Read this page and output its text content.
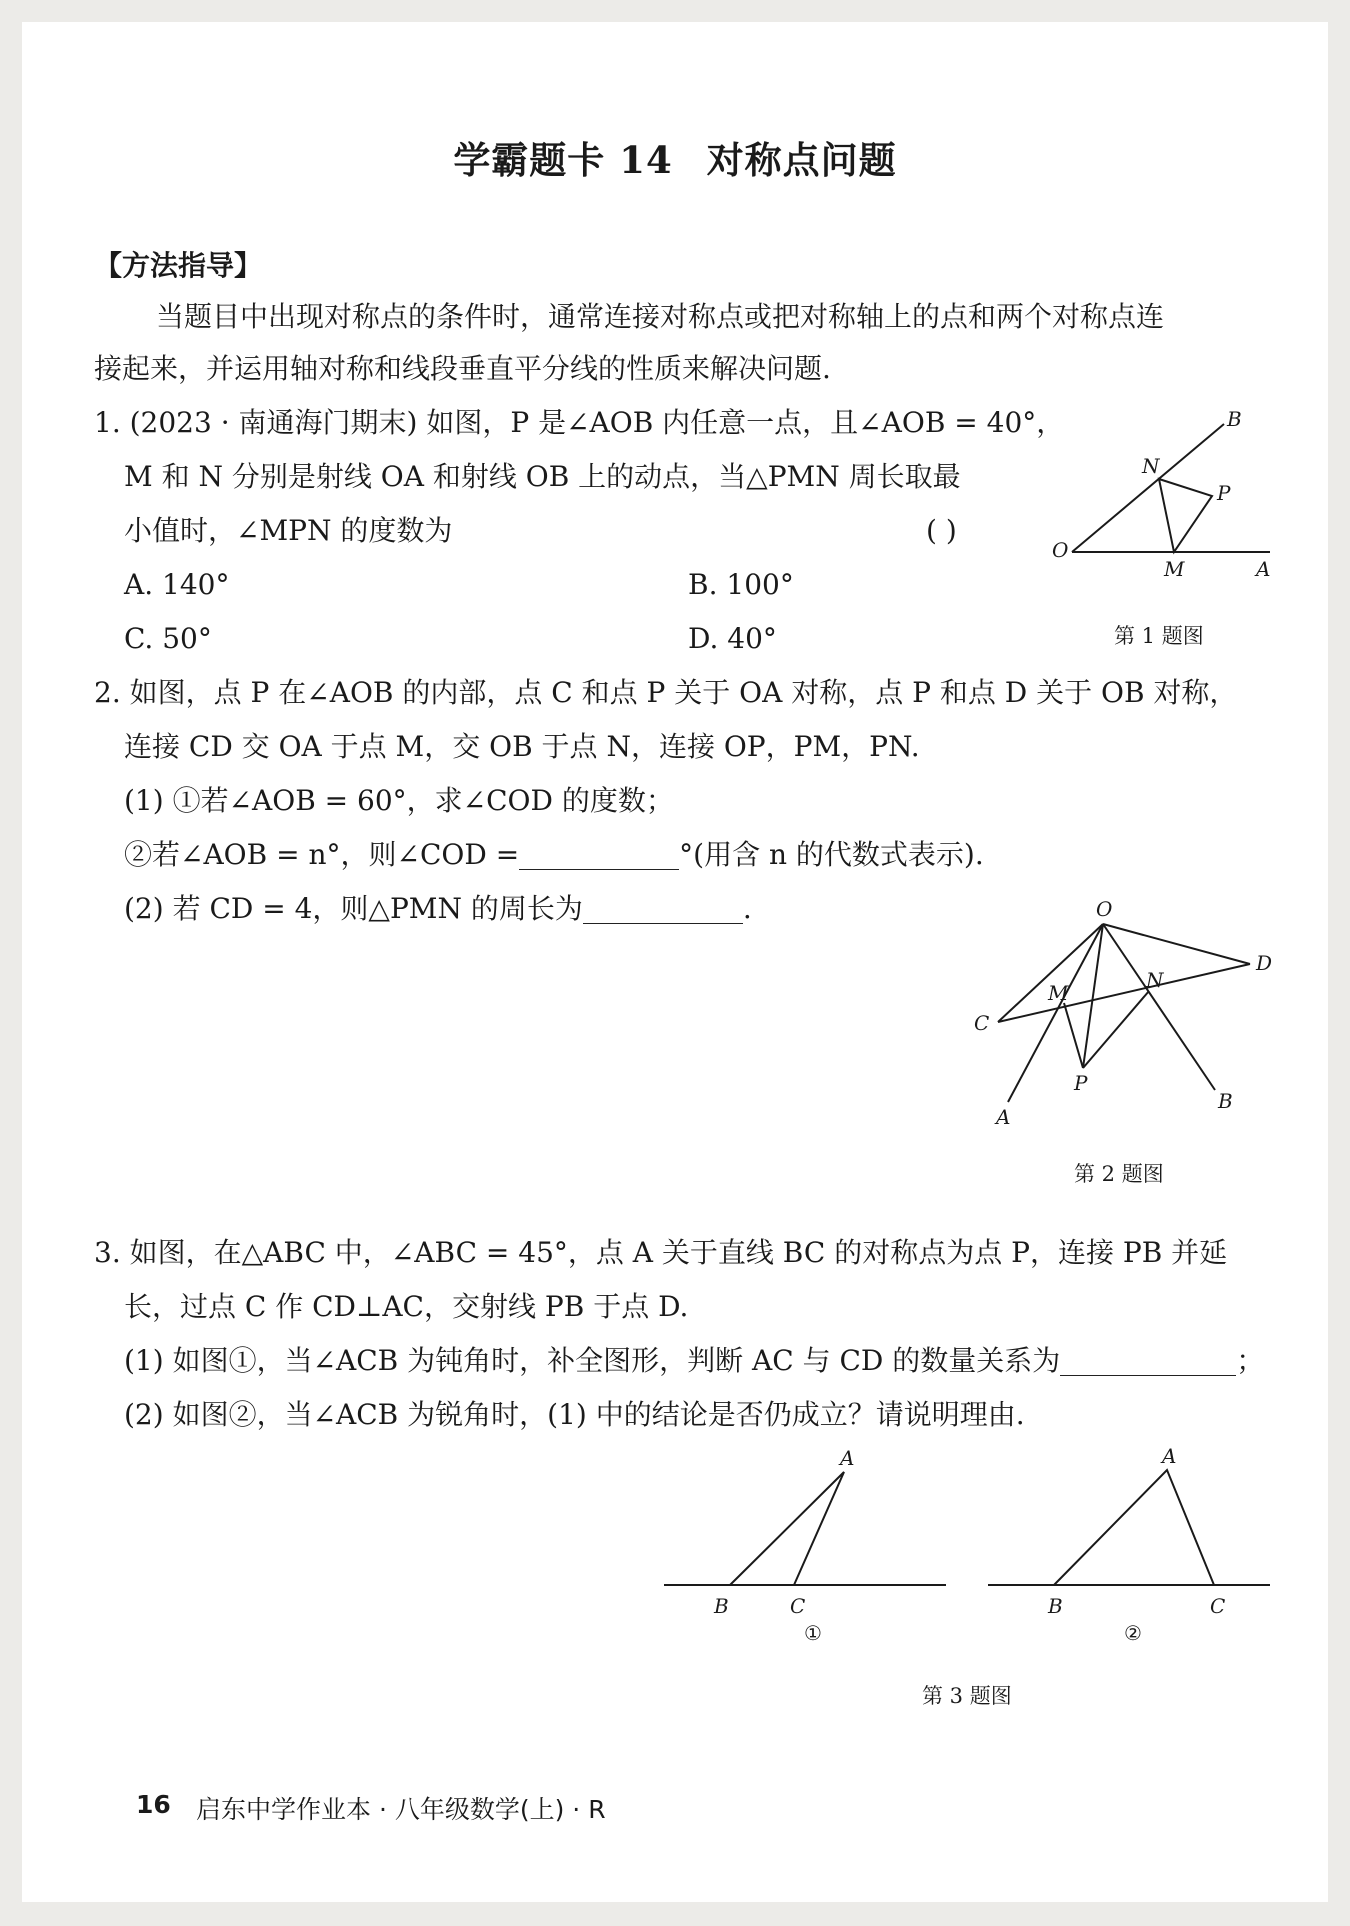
学霸题卡 14 对称点问题
【方法指导】
当题目中出现对称点的条件时，通常连接对称点或把对称轴上的点和两个对称点连
接起来，并运用轴对称和线段垂直平分线的性质来解决问题.
1. (2023 · 南通海门期末) 如图，P 是∠AOB 内任意一点，且∠AOB = 40°，
M 和 N 分别是射线 OA 和射线 OB 上的动点，当△PMN 周长取最
小值时，∠MPN 的度数为	( )
A. 140°	B. 100°
C. 50°	D. 40°
B
N
P
O
M	A
第 1 题图
2. 如图，点 P 在∠AOB 的内部，点 C 和点 P 关于 OA 对称，点 P 和点 D 关于 OB 对称，
连接 CD 交 OA 于点 M，交 OB 于点 N，连接 OP，PM，PN.
(1) ①若∠AOB = 60°，求∠COD 的度数；
②若∠AOB = n°，则∠COD =	°(用含 n 的代数式表示).
(2) 若 CD = 4，则△PMN 的周长为	.	O
D
M
N
C
P
A
B
第 2 题图
3. 如图，在△ABC 中，∠ABC = 45°，点 A 关于直线 BC 的对称点为点 P，连接 PB 并延
长，过点 C 作 CD⊥AC，交射线 PB 于点 D.
(1) 如图①，当∠ACB 为钝角时，补全图形，判断 AC 与 CD 的数量关系为	；
(2) 如图②，当∠ACB 为锐角时，(1) 中的结论是否仍成立？请说明理由.
A
B	C
①
A
B	C
②
第 3 题图
16 启东中学作业本 · 八年级数学(上) · R
